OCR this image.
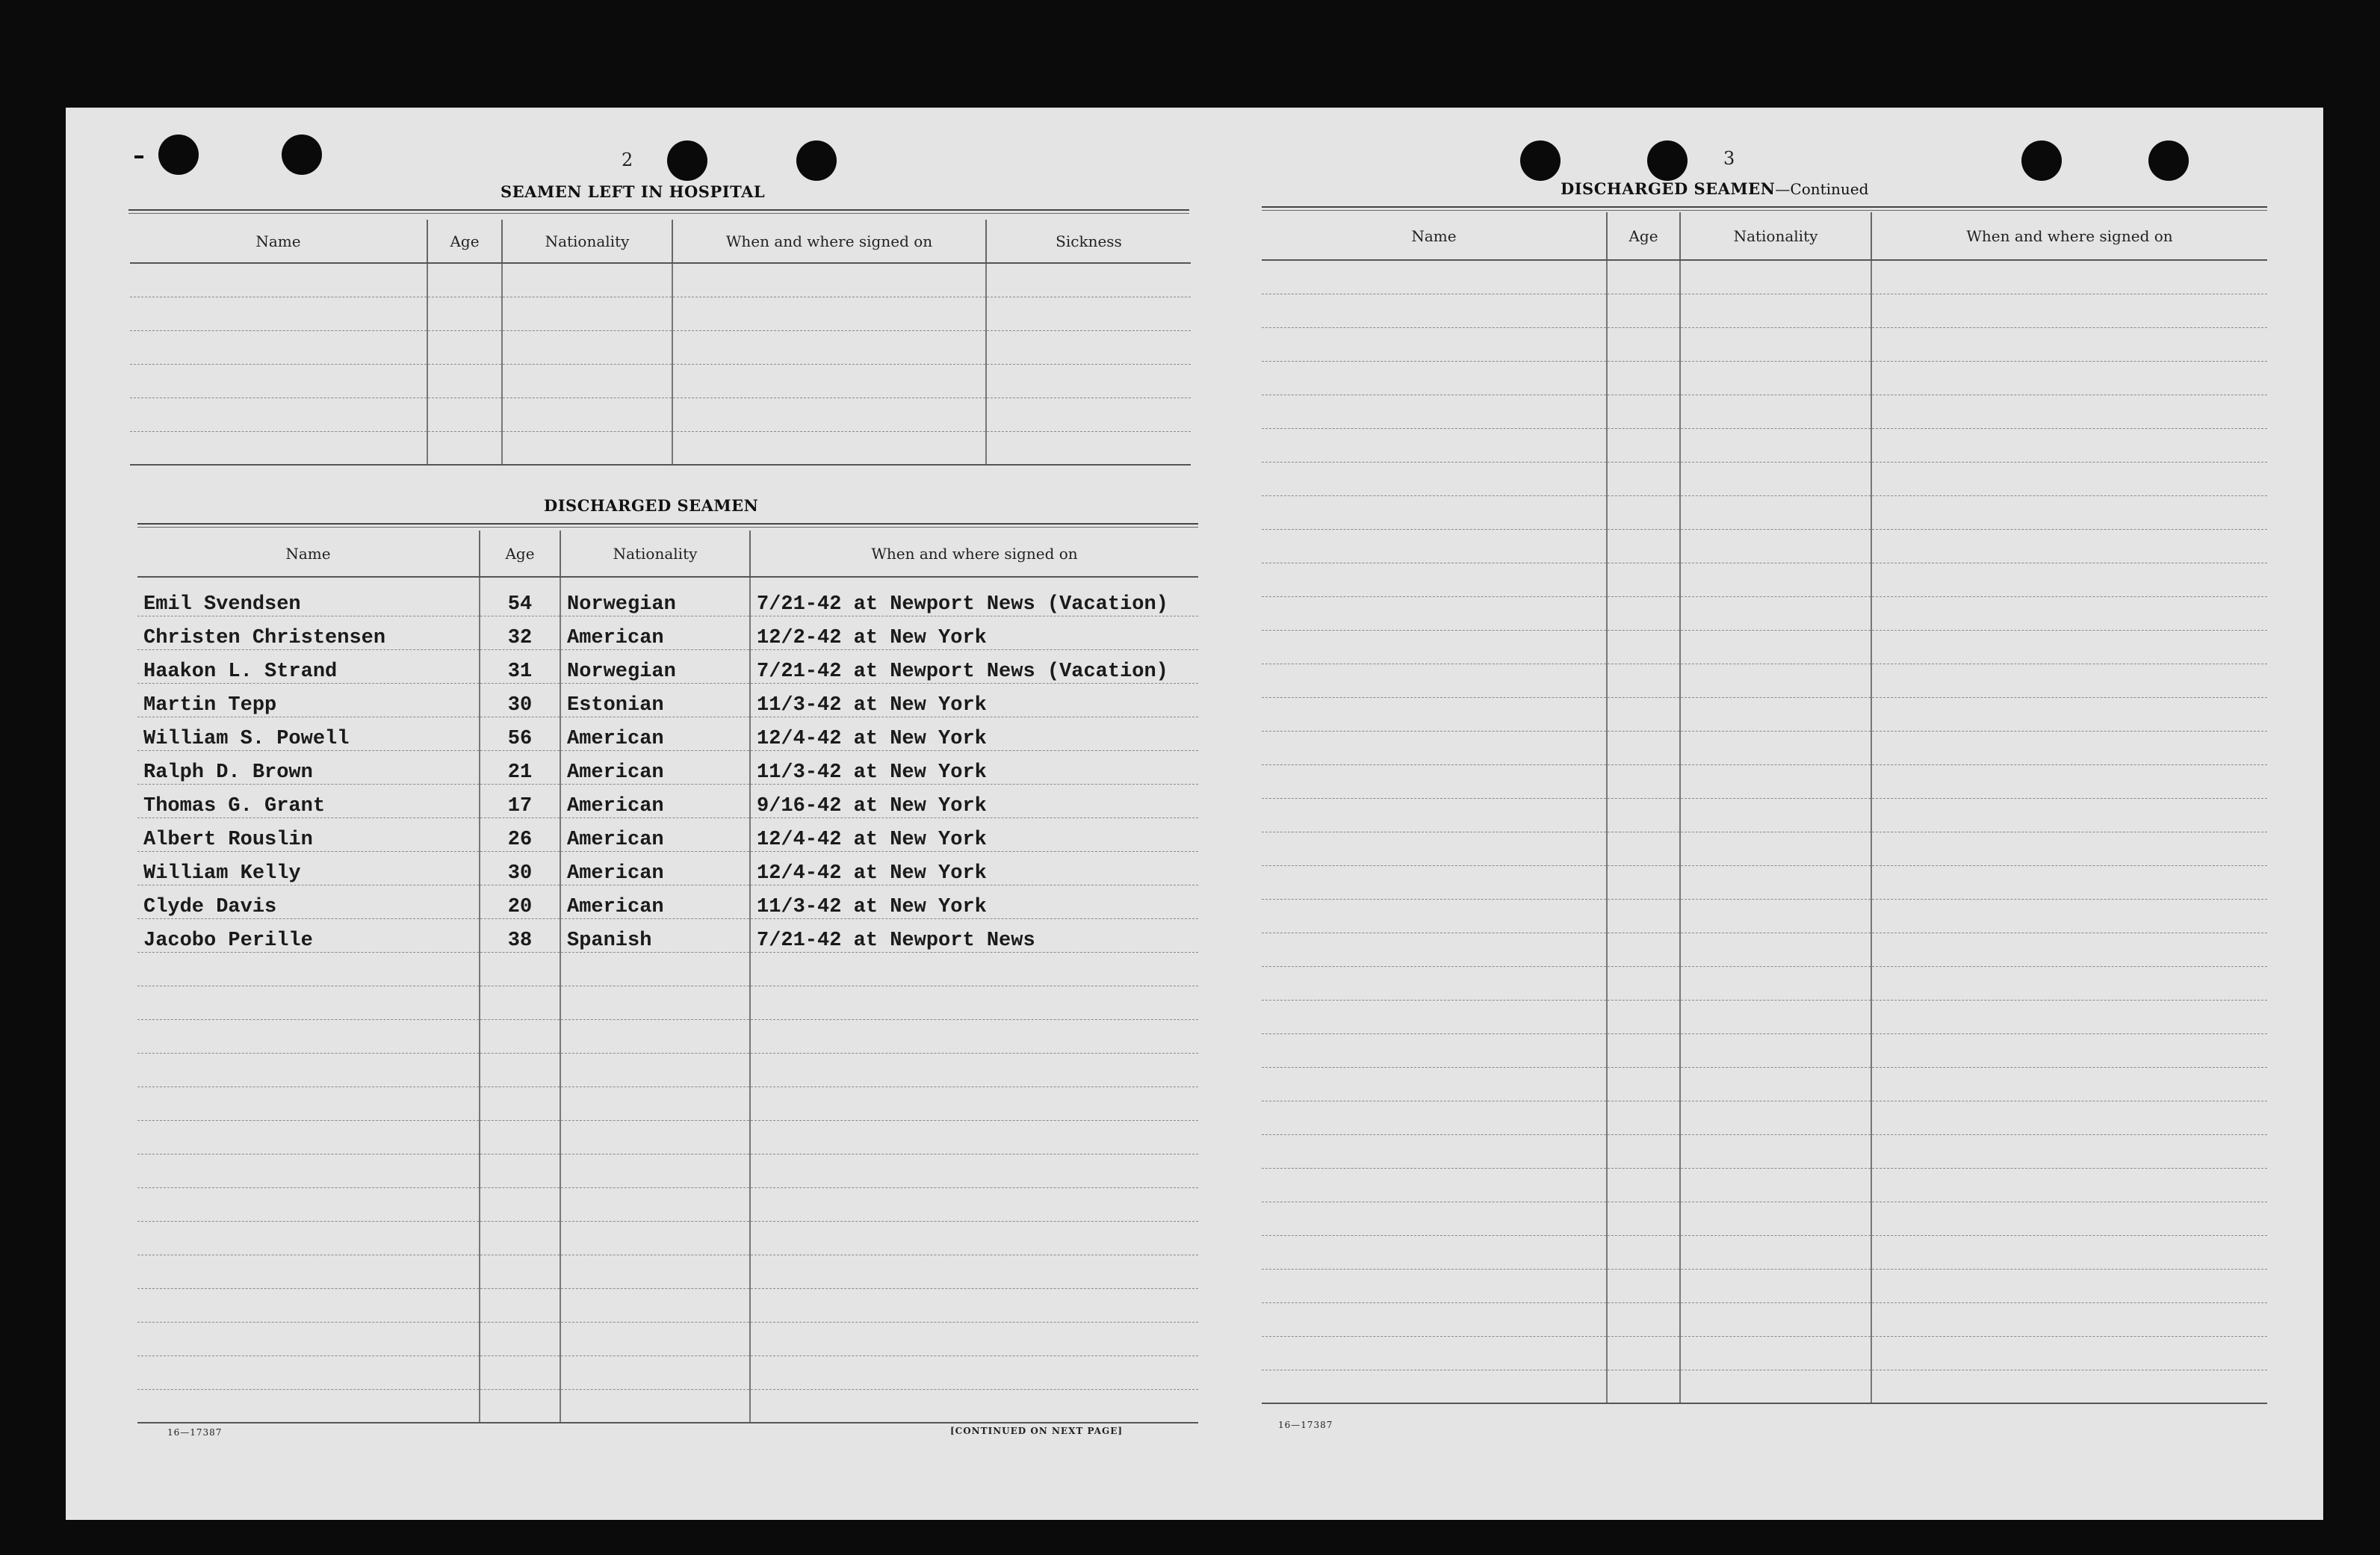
2
SEAMEN LEFT IN HOSPITAL
Name	Age	Nationality	When and where signed on	Sickness

DISCHARGED SEAMEN
Name	Age	Nationality	When and where signed on
Emil Svendsen	54	Norwegian	7/21-42 at Newport News (Vacation)
Christen Christensen	32	American	12/2-42 at New York
Haakon L. Strand	31	Norwegian	7/21-42 at Newport News (Vacation)
Martin Tepp	30	Estonian	11/3-42 at New York
William S. Powell	56	American	12/4-42 at New York
Ralph D. Brown	21	American	11/3-42 at New York
Thomas G. Grant	17	American	9/16-42 at New York
Albert Rouslin	26	American	12/4-42 at New York
William Kelly	30	American	12/4-42 at New York
Clyde Davis	20	American	11/3-42 at New York
Jacobo Perille	38	Spanish	7/21-42 at Newport News

16—17387	[CONTINUED ON NEXT PAGE]
3
DISCHARGED SEAMEN—Continued
Name	Age	Nationality	When and where signed on

16—17387
